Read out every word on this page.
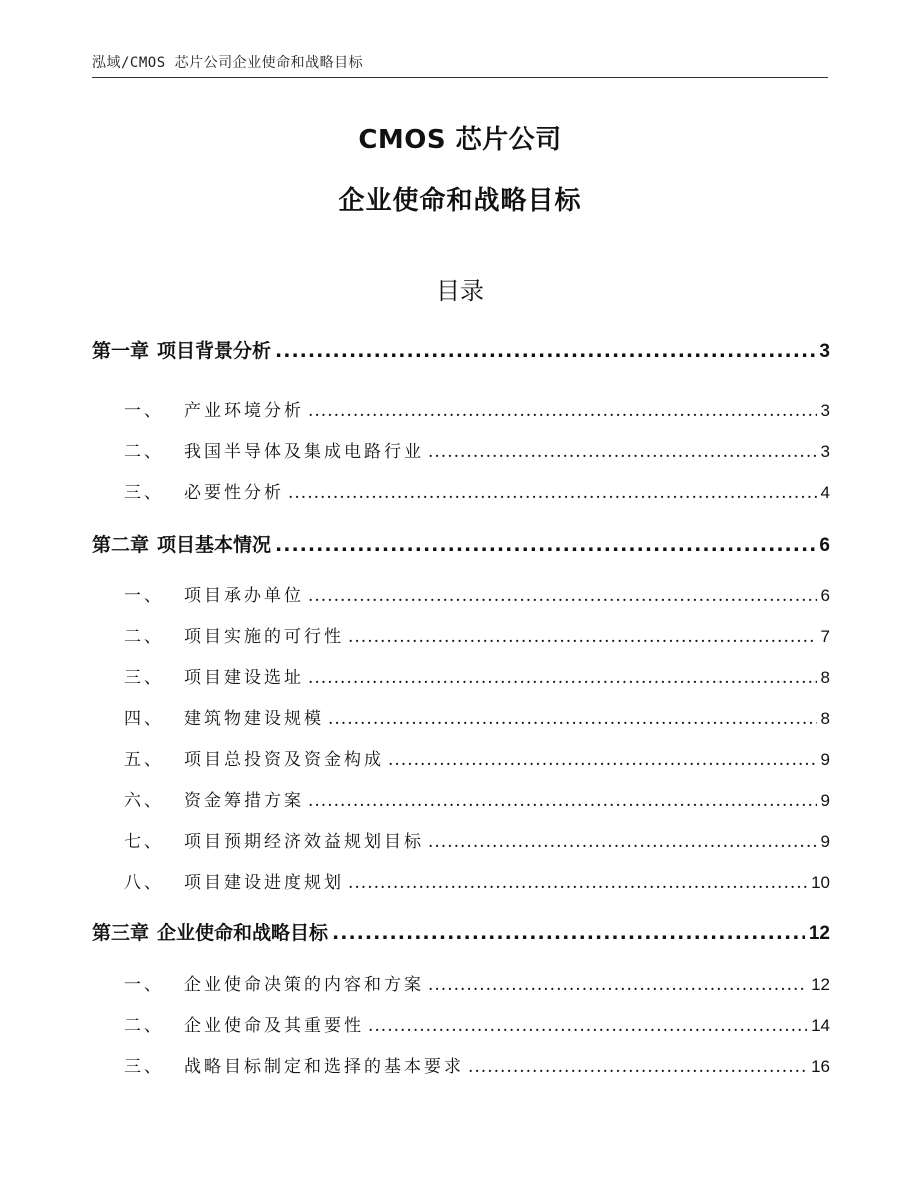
泓域/CMOS 芯片公司企业使命和战略目标
CMOS 芯片公司
企业使命和战略目标
目录
第一章 项目背景分析 .....	3
一、 产业环境分析 .....	3
二、 我国半导体及集成电路行业 .....	3
三、 必要性分析 .....	4
第二章 项目基本情况 .....	6
一、 项目承办单位 .....	6
二、 项目实施的可行性 .....	7
三、 项目建设选址 .....	8
四、 建筑物建设规模 .....	8
五、 项目总投资及资金构成 .....	9
六、 资金筹措方案 .....	9
七、 项目预期经济效益规划目标 .....	9
八、 项目建设进度规划 .....	10
第三章 企业使命和战略目标 .....	12
一、 企业使命决策的内容和方案 .....	12
二、 企业使命及其重要性 .....	14
三、 战略目标制定和选择的基本要求 .....	16
